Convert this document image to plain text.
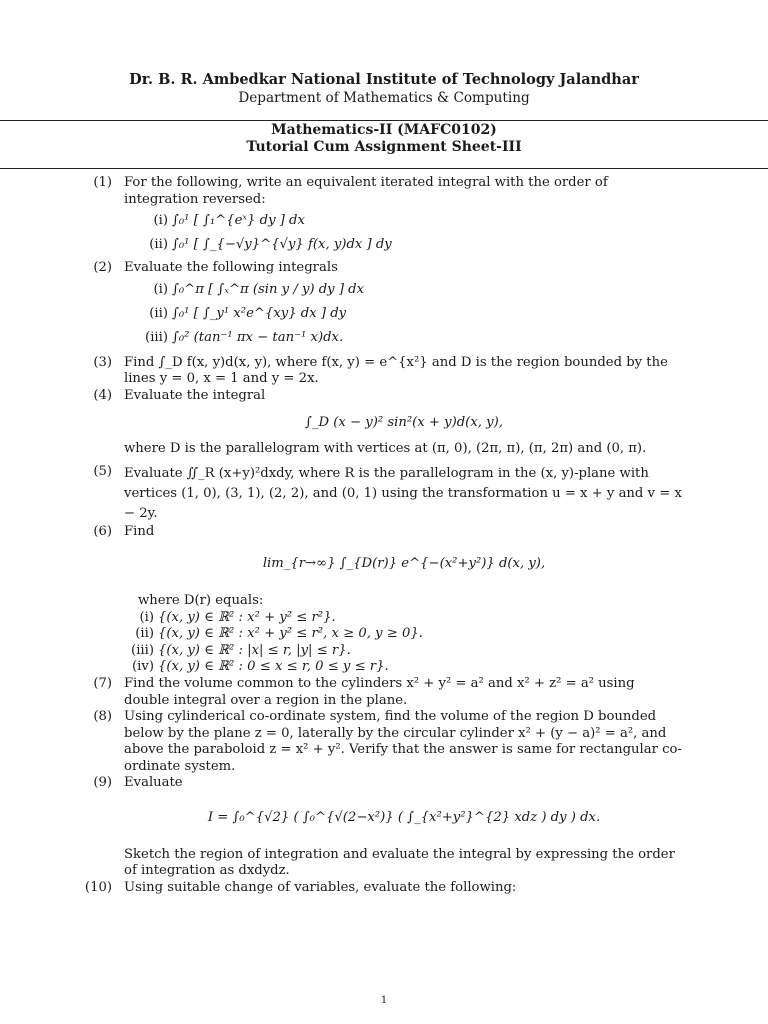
Dr. B. R. Ambedkar National Institute of Technology Jalandhar
Department of Mathematics & Computing
Mathematics-II (MAFC0102)
Tutorial Cum Assignment Sheet-III
(1) For the following, write an equivalent iterated integral with the order of integration reversed:
(i) ∫₀¹ [ ∫₁^{eˣ} dy ] dx
(ii) ∫₀¹ [ ∫_{−√y}^{√y} f(x, y)dx ] dy
(2) Evaluate the following integrals
(i) ∫₀^π [ ∫ₓ^π (sin y / y) dy ] dx
(ii) ∫₀¹ [ ∫_y¹ x²e^{xy} dx ] dy
(iii) ∫₀² (tan⁻¹ πx − tan⁻¹ x)dx.
(3) Find ∫_D f(x, y)d(x, y), where f(x, y) = e^{x²} and D is the region bounded by the lines y = 0, x = 1 and y = 2x.
(4) Evaluate the integral
∫_D (x − y)² sin²(x + y)d(x, y),
where D is the parallelogram with vertices at (π, 0), (2π, π), (π, 2π) and (0, π).
(5) Evaluate ∬_R (x+y)²dxdy, where R is the parallelogram in the (x, y)-plane with vertices (1, 0), (3, 1), (2, 2), and (0, 1) using the transformation u = x + y and v = x − 2y.
(6) Find
lim_{r→∞} ∫_{D(r)} e^{−(x²+y²)} d(x, y),
where D(r) equals:
(i) {(x, y) ∈ ℝ² : x² + y² ≤ r²}.
(ii) {(x, y) ∈ ℝ² : x² + y² ≤ r², x ≥ 0, y ≥ 0}.
(iii) {(x, y) ∈ ℝ² : |x| ≤ r, |y| ≤ r}.
(iv) {(x, y) ∈ ℝ² : 0 ≤ x ≤ r, 0 ≤ y ≤ r}.
(7) Find the volume common to the cylinders x² + y² = a² and x² + z² = a² using double integral over a region in the plane.
(8) Using cylinderical co-ordinate system, find the volume of the region D bounded below by the plane z = 0, laterally by the circular cylinder x² + (y − a)² = a², and above the paraboloid z = x² + y². Verify that the answer is same for rectangular co-ordinate system.
(9) Evaluate
I = ∫₀^{√2} ( ∫₀^{√(2−x²)} ( ∫_{x²+y²}^{2} xdz ) dy ) dx.
Sketch the region of integration and evaluate the integral by expressing the order of integration as dxdydz.
(10) Using suitable change of variables, evaluate the following:
1
